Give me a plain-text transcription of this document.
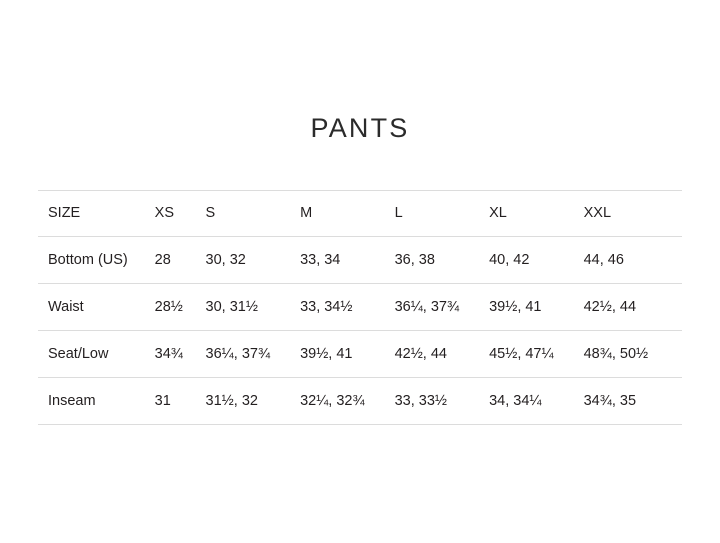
PANTS
SIZE	XS	S	M	L	XL	XXL
Bottom (US)	28	30, 32	33, 34	36, 38	40, 42	44, 46
Waist	28½	30, 31½	33, 34½	36¼, 37¾	39½, 41	42½, 44
Seat/Low	34¾	36¼, 37¾	39½, 41	42½, 44	45½, 47¼	48¾, 50½
Inseam	31	31½, 32	32¼, 32¾	33, 33½	34, 34¼	34¾, 35
